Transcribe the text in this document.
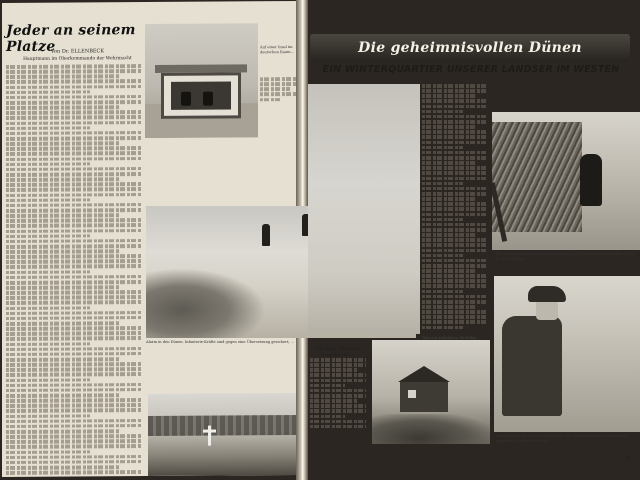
Jeder an seinem Platze
Von Dr. ELLENBECK
Hauptmann im Oberkommando der Wehrmacht
Auf einer Insel im deutschen Raum…
Alarm in den Dünen. Infanterie-Kräfte sind gegen eine Übersetzung gesichert; ...
Die geheimnisvollen Dünen
EIN WINTERQUARTIER UNSERER LANDSER IM WESTEN
Text und Aufnahmen: PK-Fiebig
Der Kompaniechef auf einem Kontrollgang. Die einen verrichten ihre Pflicht in der Stellung, ...
Vor den "Dünen" angelehnt…
Unterhaltung durch den Strandhafer. Die geheimnisvolle Düne wird mit gepflanzten Halmen befestigt ...
3
